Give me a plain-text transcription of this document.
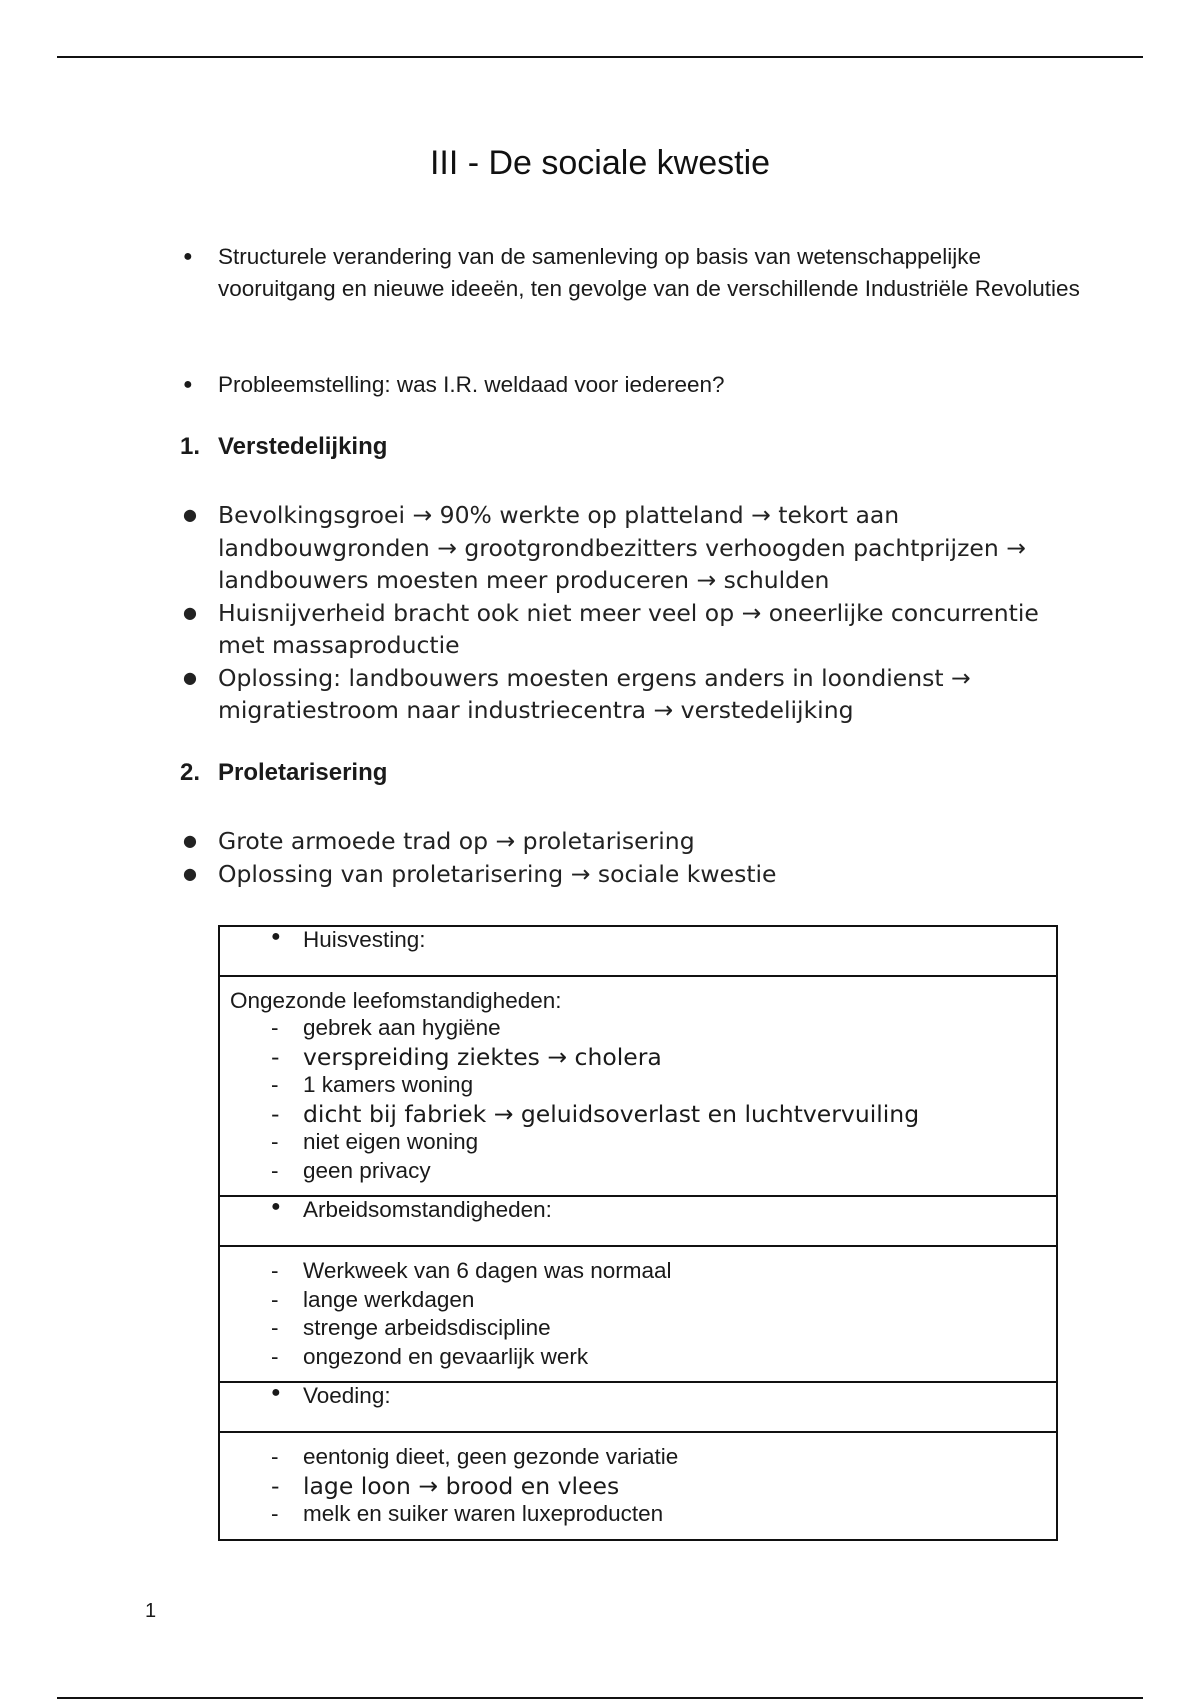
III - De sociale kwestie
● Structurele verandering van de samenleving op basis van wetenschappelijke vooruitgang en nieuwe ideeën, ten gevolge van de verschillende Industriële Revoluties
● Probleemstelling: was I.R. weldaad voor iedereen?
1. Verstedelijking
● Bevolkingsgroei → 90% werkte op platteland → tekort aan landbouwgronden → grootgrondbezitters verhoogden pachtprijzen → landbouwers moesten meer produceren → schulden
● Huisnijverheid bracht ook niet meer veel op → oneerlijke concurrentie met massaproductie
● Oplossing: landbouwers moesten ergens anders in loondienst → migratiestroom naar industriecentra → verstedelijking
2. Proletarisering
● Grote armoede trad op → proletarisering
● Oplossing van proletarisering → sociale kwestie
● Huisvesting:

Ongezonde leefomstandigheden:
- gebrek aan hygiëne
- verspreiding ziektes → cholera
- 1 kamers woning
- dicht bij fabriek → geluidsoverlast en luchtvervuiling
- niet eigen woning
- geen privacy

● Arbeidsomstandigheden:

- Werkweek van 6 dagen was normaal
- lange werkdagen
- strenge arbeidsdiscipline
- ongezond en gevaarlijk werk

● Voeding:

- eentonig dieet, geen gezonde variatie
- lage loon → brood en vlees
- melk en suiker waren luxeproducten
1
